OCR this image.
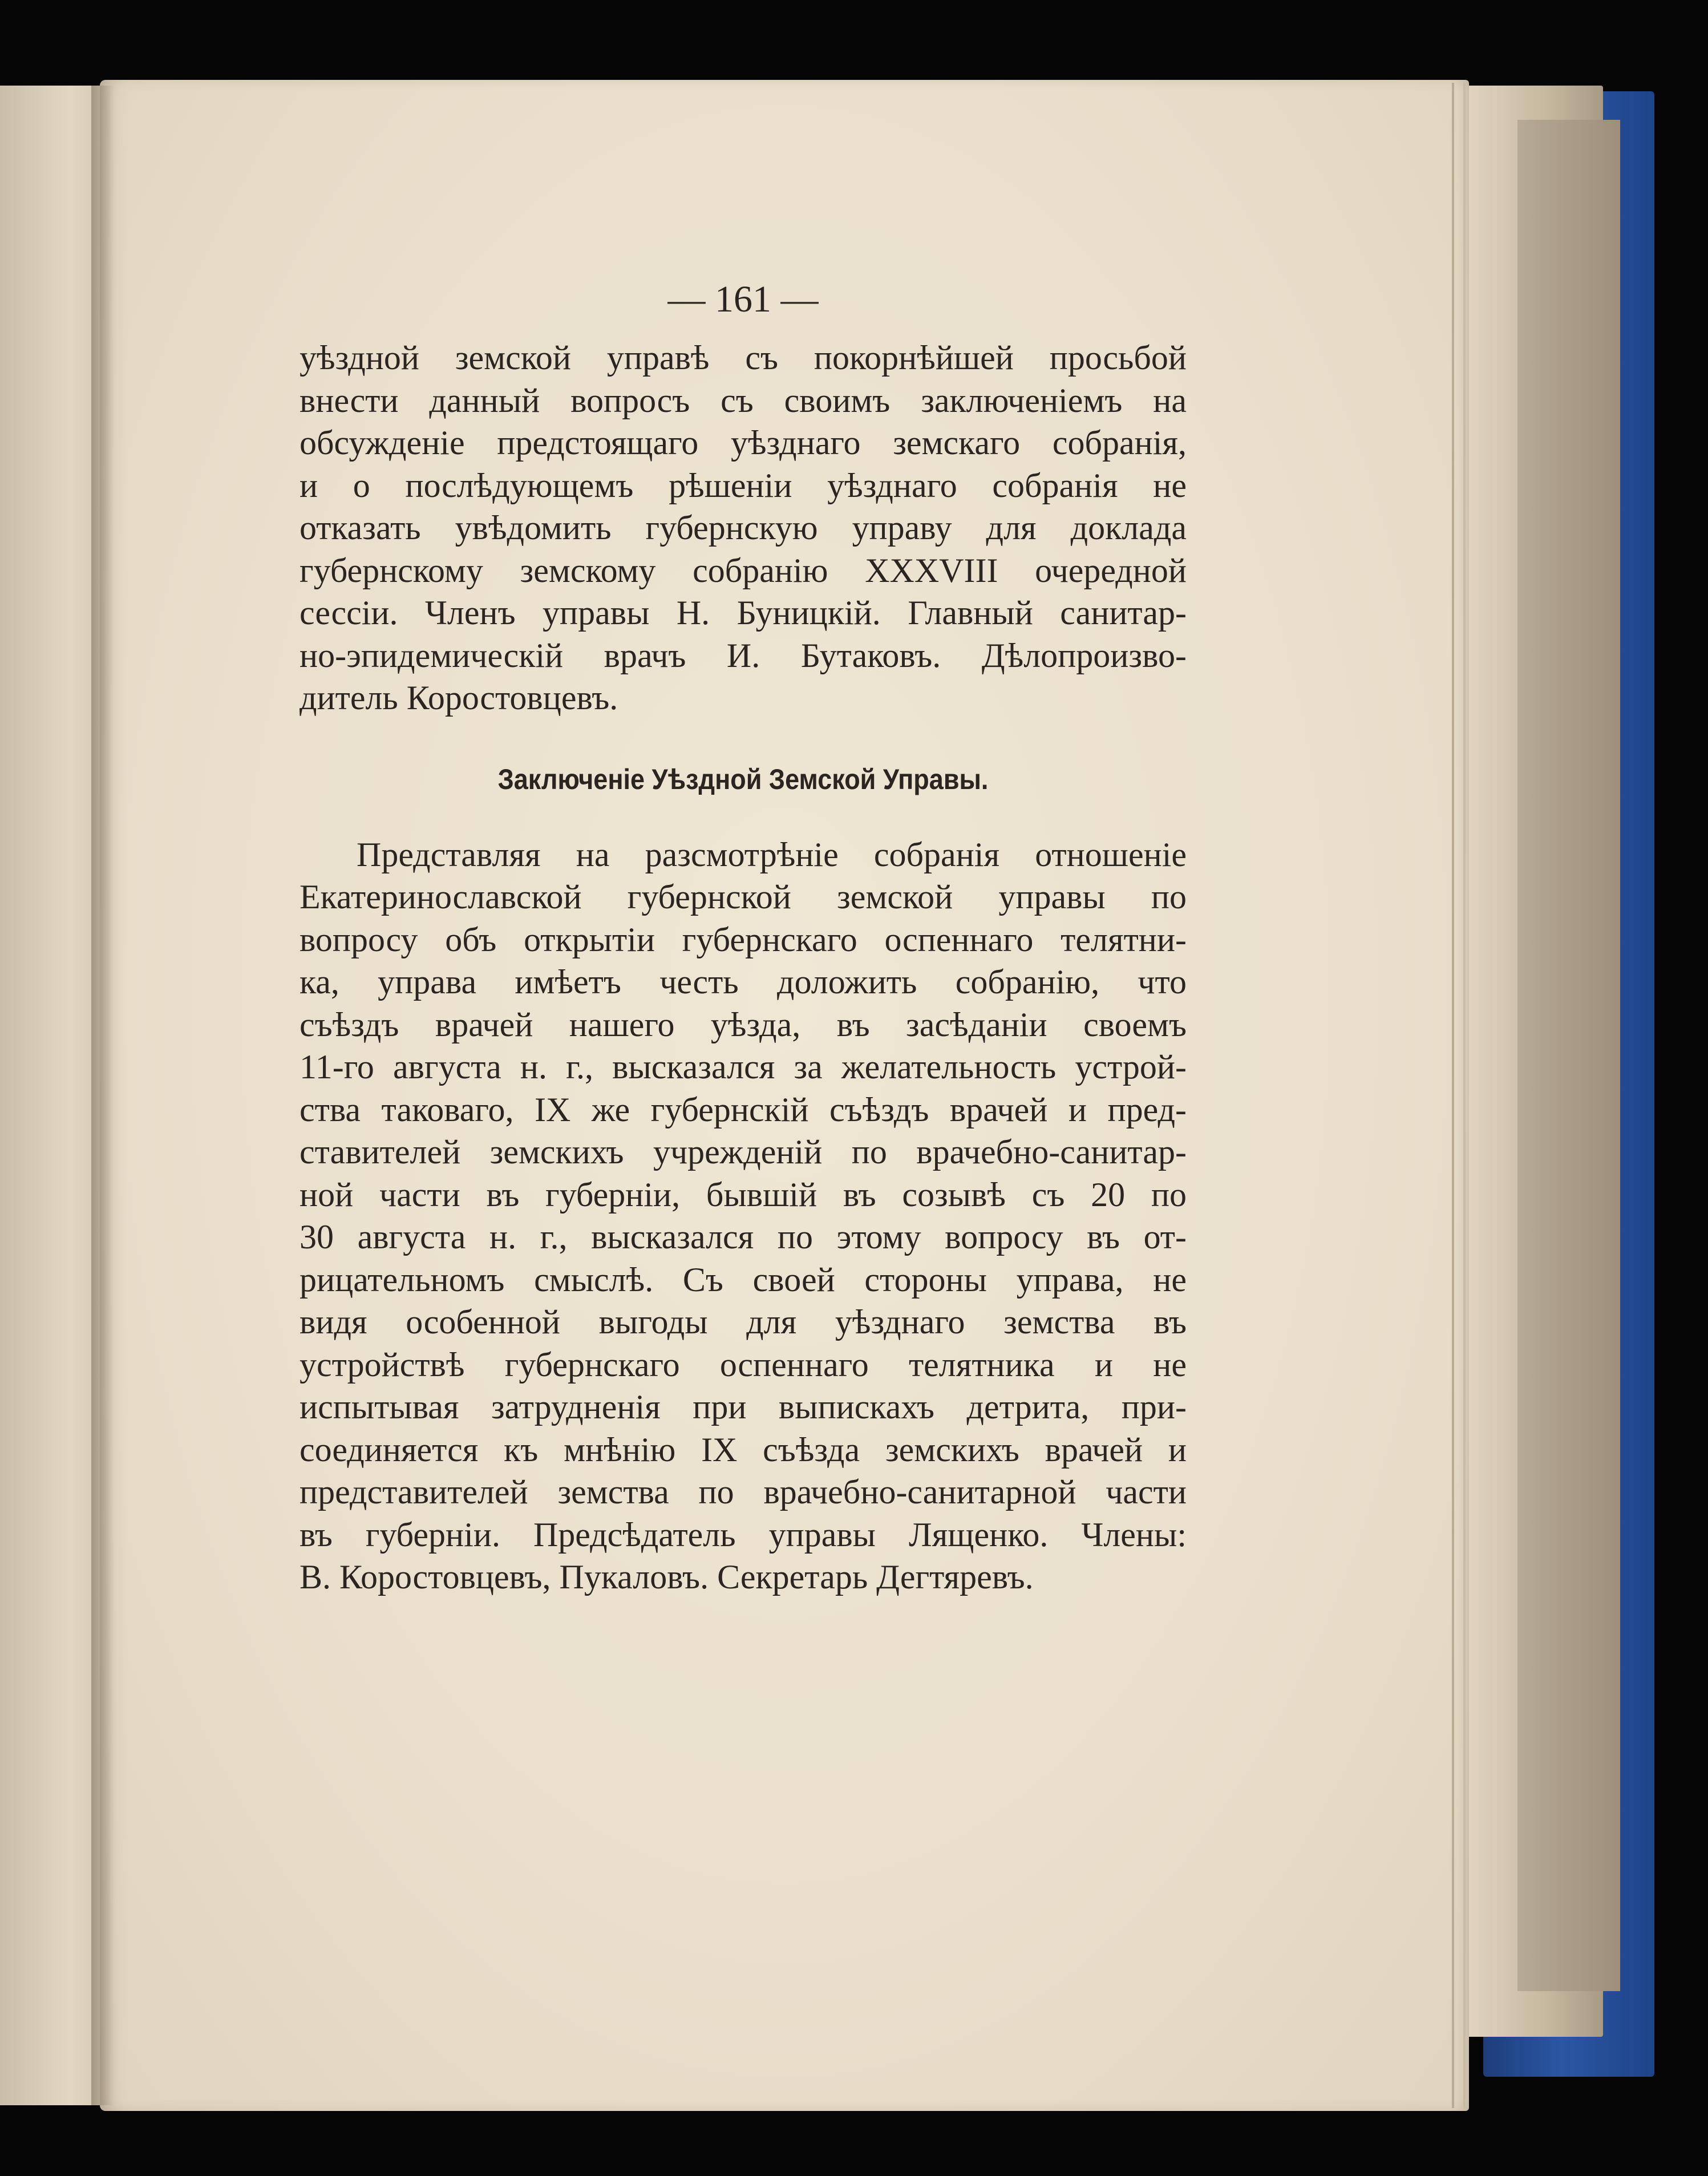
— 161 —
уѣздной земской управѣ съ покорнѣйшей просьбой
внести данный вопросъ съ своимъ заключеніемъ на
обсужденіе предстоящаго уѣзднаго земскаго собранія,
и о послѣдующемъ рѣшеніи уѣзднаго собранія не
отказать увѣдомить губернскую управу для доклада
губернскому земскому собранію XXXVIII очередной
сессіи. Членъ управы Н. Буницкій. Главный санитар-
но-эпидемическій врачъ И. Бутаковъ. Дѣлопроизво-
дитель Коростовцевъ.
Заключеніе Уѣздной Земской Управы.
Представляя на разсмотрѣніе собранія отношеніе
Екатеринославской губернской земской управы по
вопросу объ открытіи губернскаго оспеннаго телятни-
ка, управа имѣетъ честь доложить собранію, что
съѣздъ врачей нашего уѣзда, въ засѣданіи своемъ
11-го августа н. г., высказался за желательность устрой-
ства таковаго, IX же губернскій съѣздъ врачей и пред-
ставителей земскихъ учрежденій по врачебно-санитар-
ной части въ губерніи, бывшій въ созывѣ съ 20 по
30 августа н. г., высказался по этому вопросу въ от-
рицательномъ смыслѣ. Съ своей стороны управа, не
видя особенной выгоды для уѣзднаго земства въ
устройствѣ губернскаго оспеннаго телятника и не
испытывая затрудненія при выпискахъ детрита, при-
соединяется къ мнѣнію IX съѣзда земскихъ врачей и
представителей земства по врачебно-санитарной части
въ губерніи. Предсѣдатель управы Лященко. Члены:
В. Коростовцевъ, Пукаловъ. Секретарь Дегтяревъ.
